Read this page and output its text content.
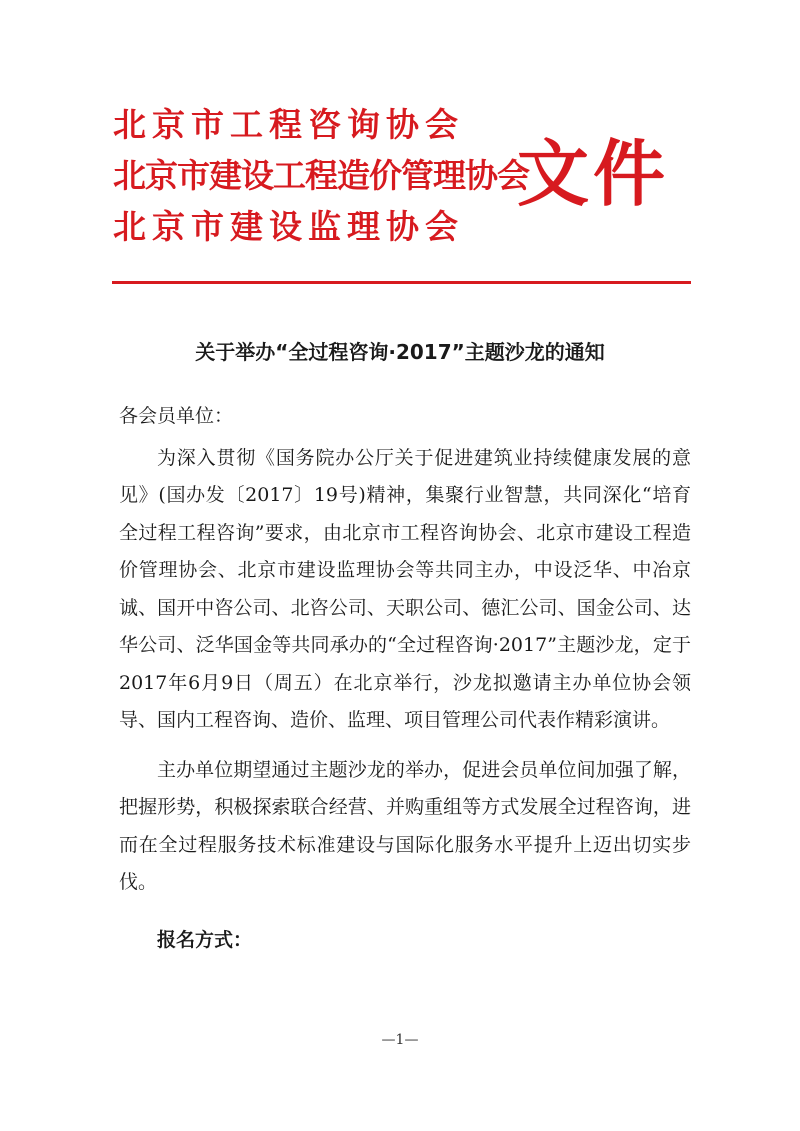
北京市工程咨询协会
北京市建设工程造价管理协会
北京市建设监理协会
文件
关于举办“全过程咨询·2017”主题沙龙的通知

各会员单位：

为深入贯彻《国务院办公厅关于促进建筑业持续健康发展的意见》(国办发〔2017〕19号)精神，集聚行业智慧，共同深化“培育全过程工程咨询”要求，由北京市工程咨询协会、北京市建设工程造价管理协会、北京市建设监理协会等共同主办，中设泛华、中冶京诚、国开中咨公司、北咨公司、天职公司、德汇公司、国金公司、达华公司、泛华国金等共同承办的“全过程咨询·2017”主题沙龙，定于2017年6月9日（周五）在北京举行，沙龙拟邀请主办单位协会领导、国内工程咨询、造价、监理、项目管理公司代表作精彩演讲。

主办单位期望通过主题沙龙的举办，促进会员单位间加强了解，把握形势，积极探索联合经营、并购重组等方式发展全过程咨询，进而在全过程服务技术标准建设与国际化服务水平提升上迈出切实步伐。

报名方式：

—1—
